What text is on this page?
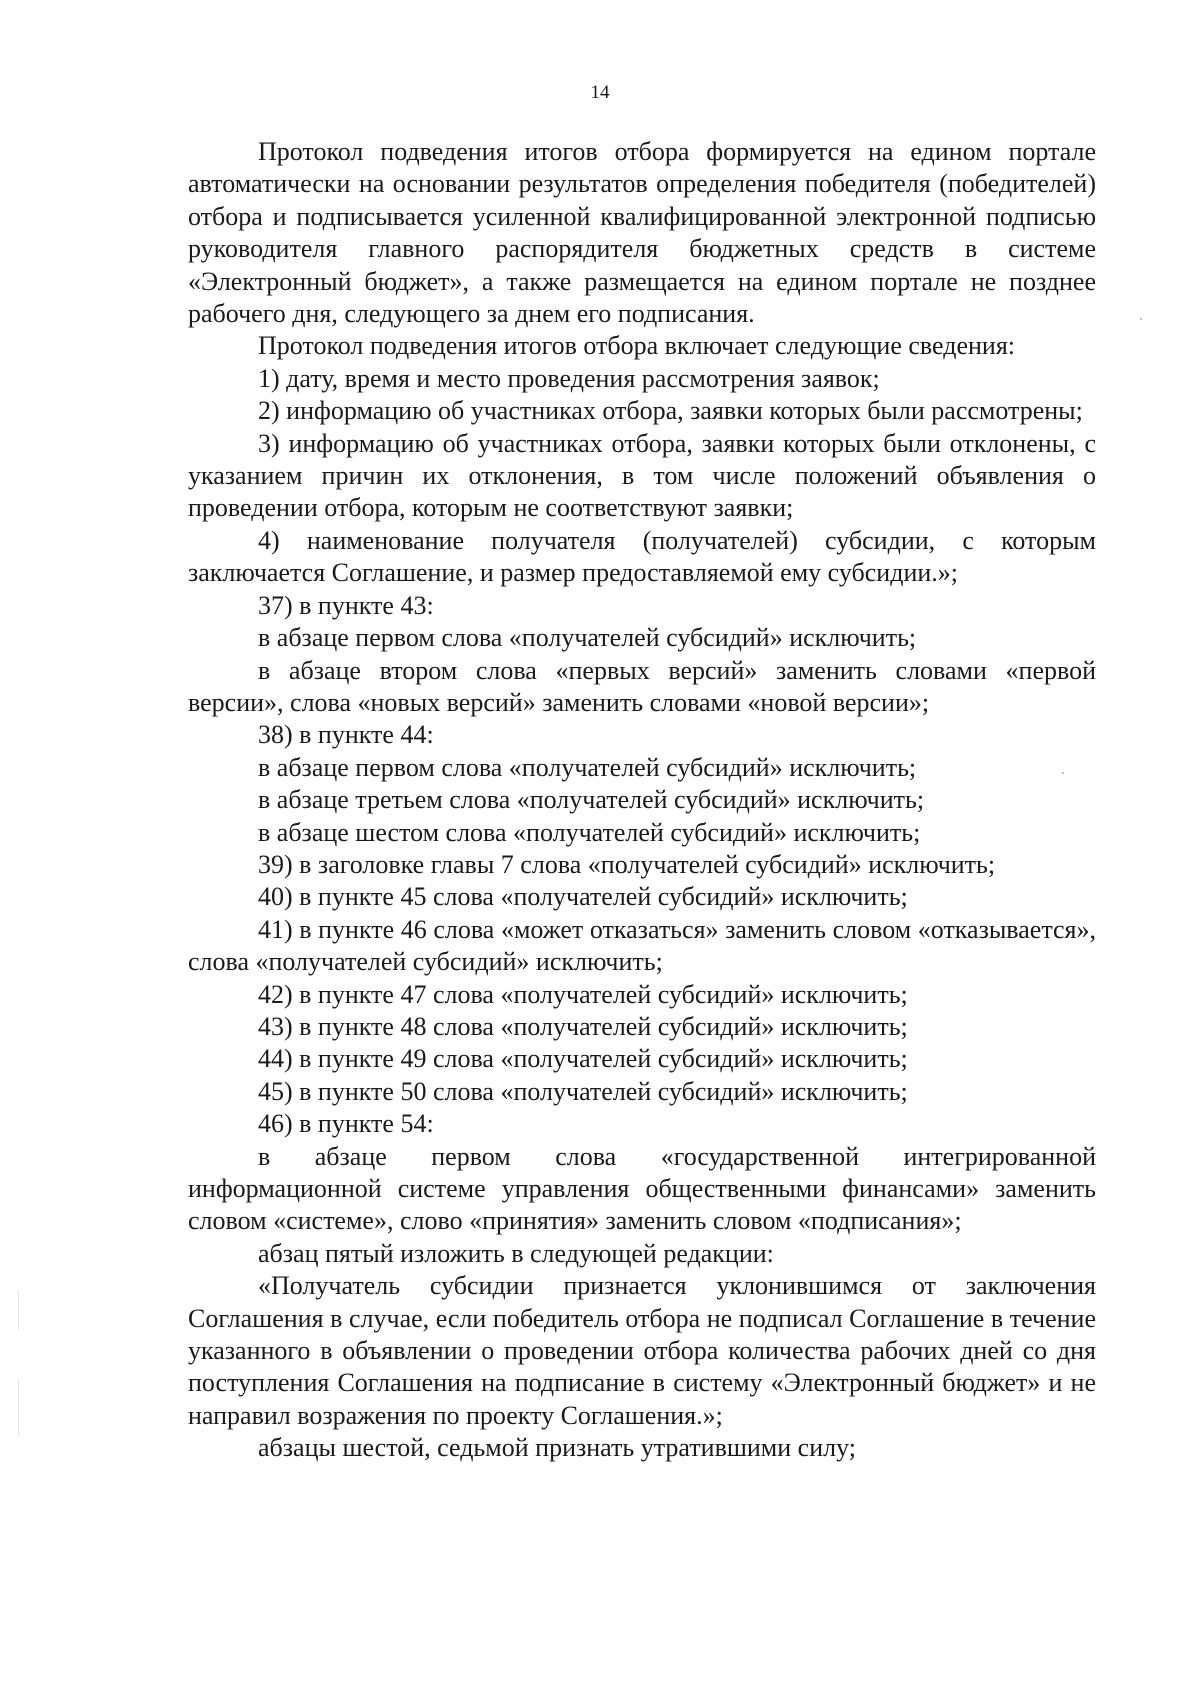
14

Протокол подведения итогов отбора формируется на едином портале автоматически на основании результатов определения победителя (победителей) отбора и подписывается усиленной квалифицированной электронной подписью руководителя главного распорядителя бюджетных средств в системе «Электронный бюджет», а также размещается на едином портале не позднее рабочего дня, следующего за днем его подписания.

Протокол подведения итогов отбора включает следующие сведения:

1) дату, время и место проведения рассмотрения заявок;

2) информацию об участниках отбора, заявки которых были рассмотрены;

3) информацию об участниках отбора, заявки которых были отклонены, с указанием причин их отклонения, в том числе положений объявления о проведении отбора, которым не соответствуют заявки;

4) наименование получателя (получателей) субсидии, с которым заключается Соглашение, и размер предоставляемой ему субсидии.»;

37) в пункте 43:

в абзаце первом слова «получателей субсидий» исключить;

в абзаце втором слова «первых версий» заменить словами «первой версии», слова «новых версий» заменить словами «новой версии»;

38) в пункте 44:

в абзаце первом слова «получателей субсидий» исключить;

в абзаце третьем слова «получателей субсидий» исключить;

в абзаце шестом слова «получателей субсидий» исключить;

39) в заголовке главы 7 слова «получателей субсидий» исключить;

40) в пункте 45 слова «получателей субсидий» исключить;

41) в пункте 46 слова «может отказаться» заменить словом «отказывается», слова «получателей субсидий» исключить;

42) в пункте 47 слова «получателей субсидий» исключить;

43) в пункте 48 слова «получателей субсидий» исключить;

44) в пункте 49 слова «получателей субсидий» исключить;

45) в пункте 50 слова «получателей субсидий» исключить;

46) в пункте 54:

в абзаце первом слова «государственной интегрированной информационной системе управления общественными финансами» заменить словом «системе», слово «принятия» заменить словом «подписания»;

абзац пятый изложить в следующей редакции:

«Получатель субсидии признается уклонившимся от заключения Соглашения в случае, если победитель отбора не подписал Соглашение в течение указанного в объявлении о проведении отбора количества рабочих дней со дня поступления Соглашения на подписание в систему «Электронный бюджет» и не направил возражения по проекту Соглашения.»;

абзацы шестой, седьмой признать утратившими силу;
